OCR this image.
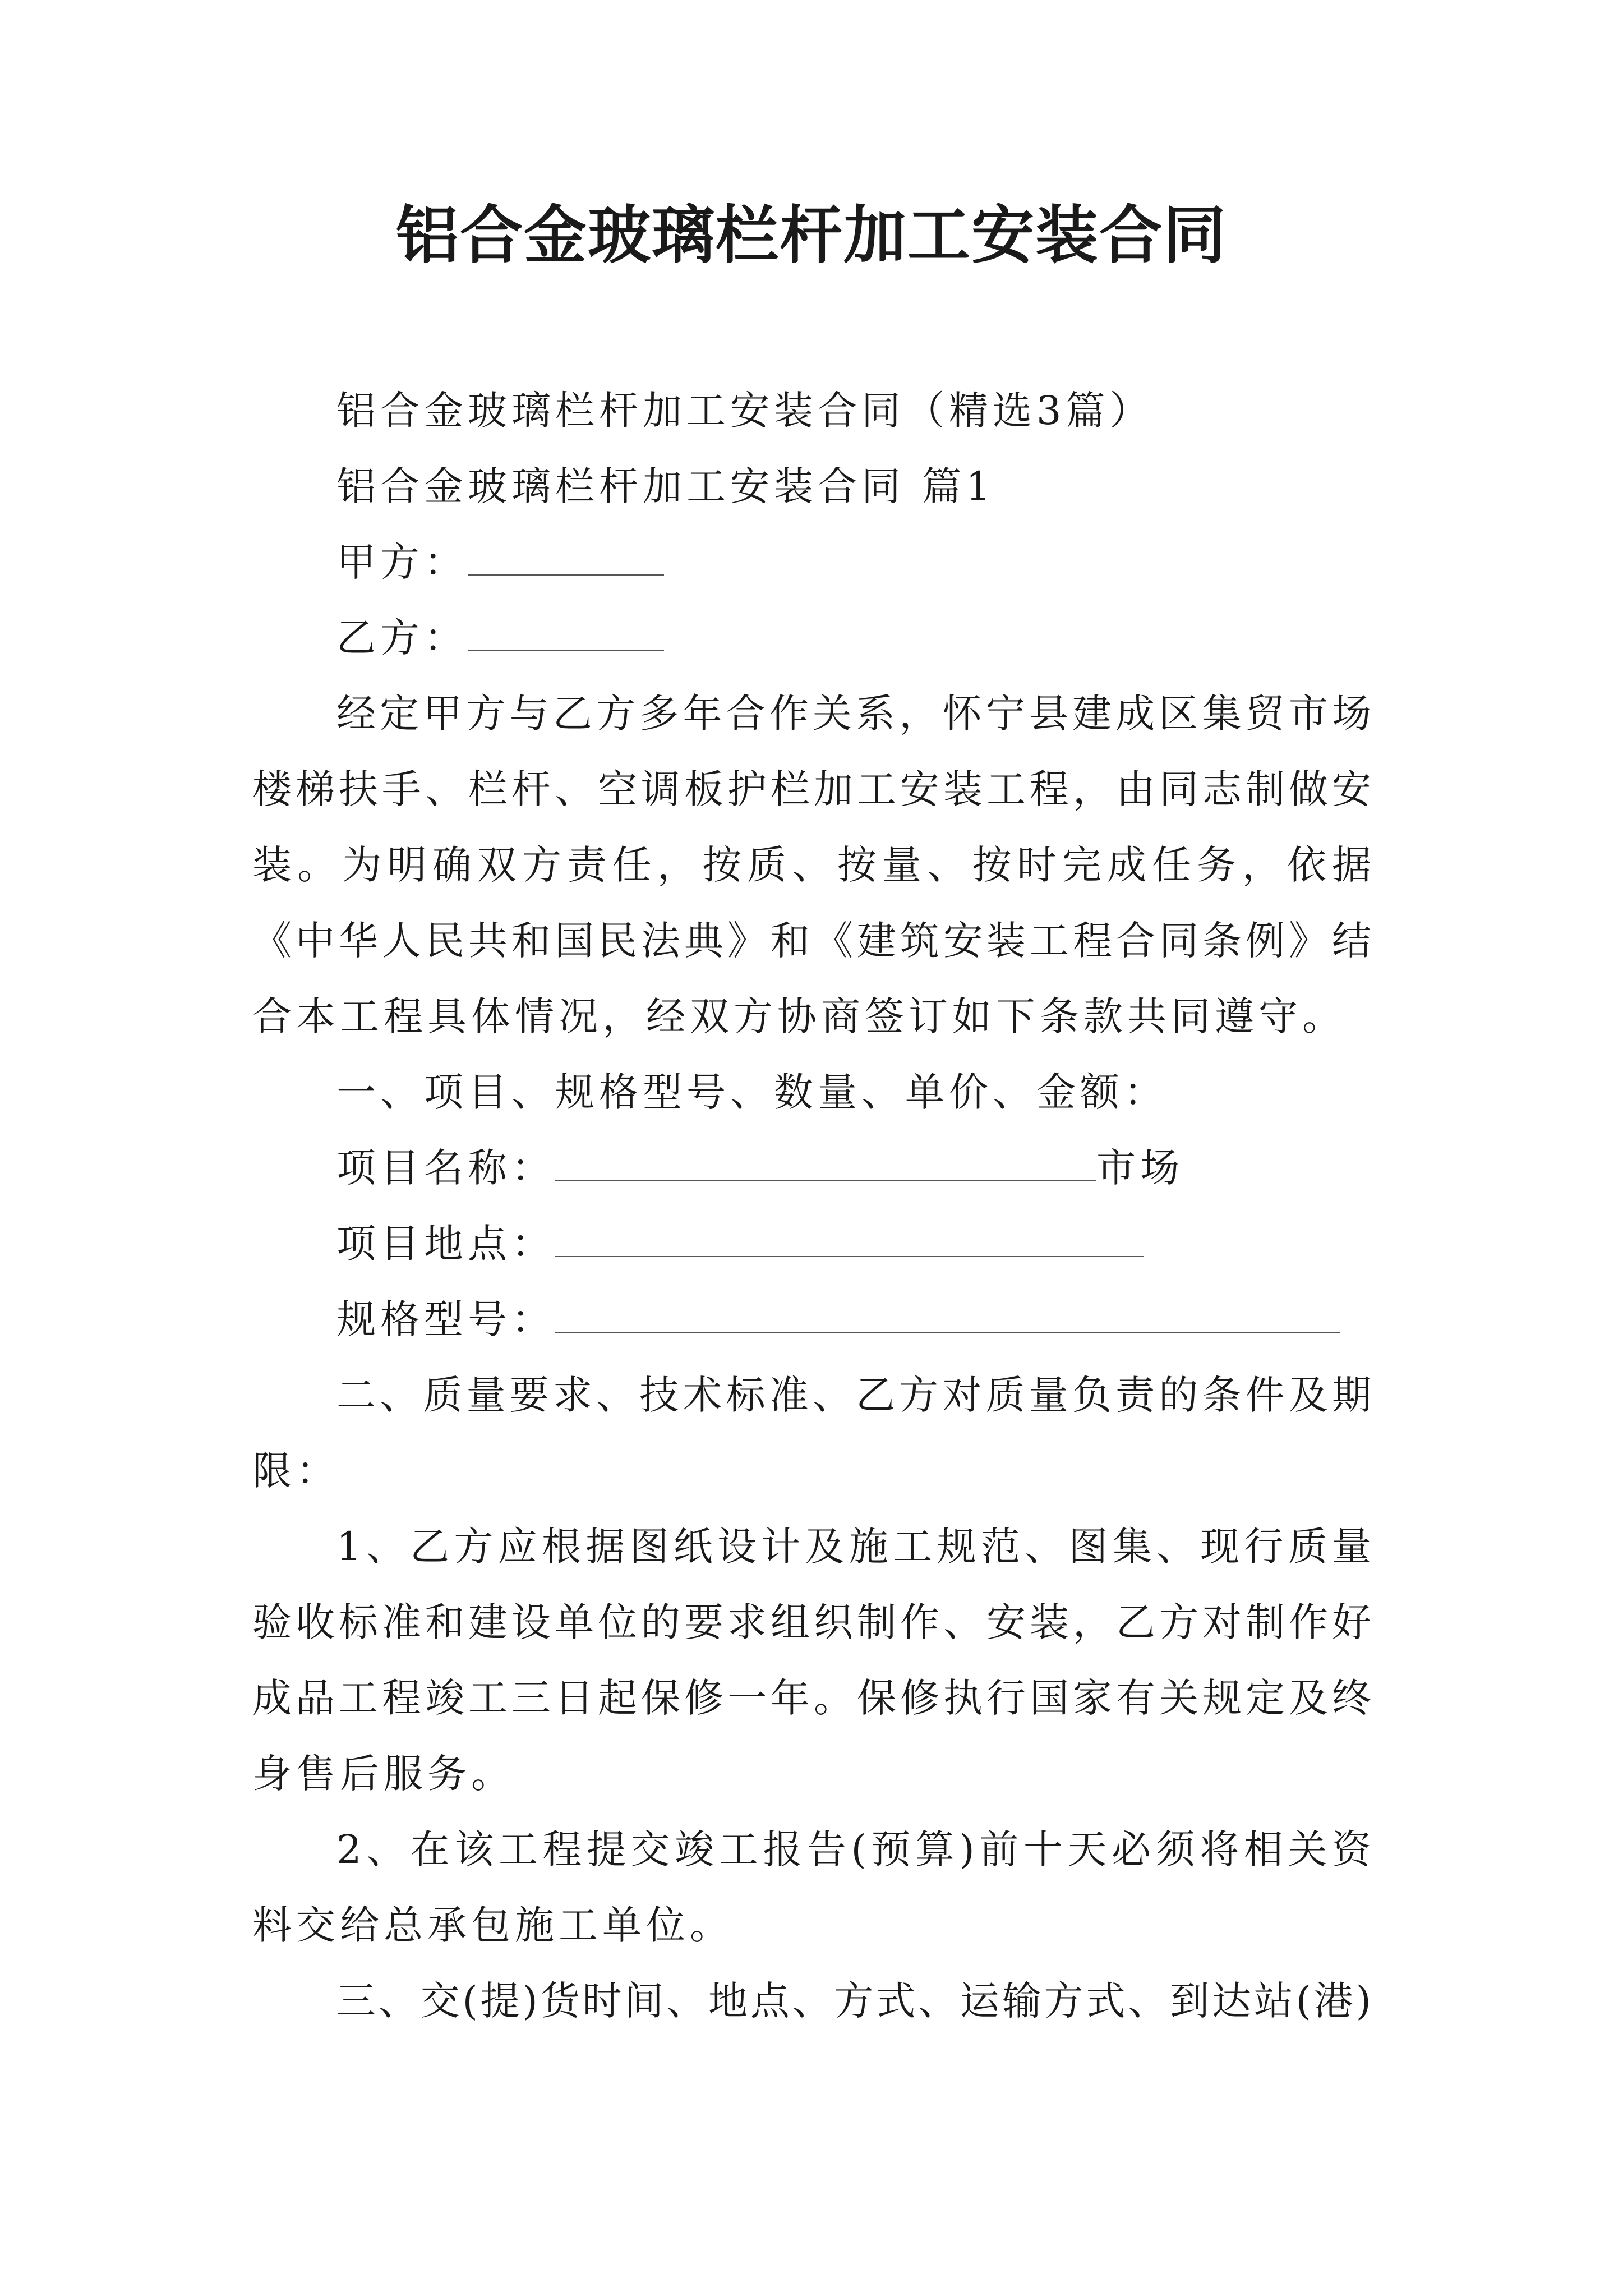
铝合金玻璃栏杆加工安装合同
铝合金玻璃栏杆加工安装合同（精选3篇）
铝合金玻璃栏杆加工安装合同 篇1
甲方：
乙方：
经定甲方与乙方多年合作关系，怀宁县建成区集贸市场
楼梯扶手、栏杆、空调板护栏加工安装工程，由同志制做安
装。为明确双方责任，按质、按量、按时完成任务，依据
《中华人民共和国民法典》和《建筑安装工程合同条例》结
合本工程具体情况，经双方协商签订如下条款共同遵守。
一、项目、规格型号、数量、单价、金额：
项目名称：	市场
项目地点：
规格型号：
二、质量要求、技术标准、乙方对质量负责的条件及期
限：
1、乙方应根据图纸设计及施工规范、图集、现行质量
验收标准和建设单位的要求组织制作、安装，乙方对制作好
成品工程竣工三日起保修一年。保修执行国家有关规定及终
身售后服务。
2、在该工程提交竣工报告(预算)前十天必须将相关资
料交给总承包施工单位。
三、交(提)货时间、地点、方式、运输方式、到达站(港)
